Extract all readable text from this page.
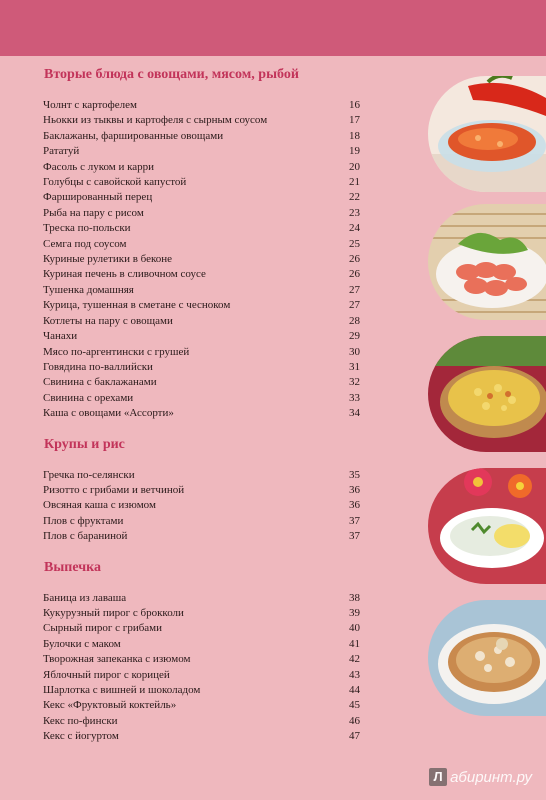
Вторые блюда с овощами, мясом, рыбой
Чолнт с картофелем	16
Ньокки из тыквы и картофеля с сырным соусом	17
Баклажаны, фаршированные овощами	18
Рататуй	19
Фасоль с луком и карри	20
Голубцы с савойской капустой	21
Фаршированный перец	22
Рыба на пару с рисом	23
Треска по-польски	24
Семга под соусом	25
Куриные рулетики в беконе	26
Куриная печень в сливочном соусе	26
Тушенка домашняя	27
Курица, тушенная в сметане с чесноком	27
Котлеты на пару с овощами	28
Чанахи	29
Мясо по-аргентински с грушей	30
Говядина по-валлийски	31
Свинина с баклажанами	32
Свинина с орехами	33
Каша с овощами «Ассорти»	34
Крупы и рис
Гречка по-селянски	35
Ризотто с грибами и ветчиной	36
Овсяная каша с изюмом	36
Плов с фруктами	37
Плов с бараниной	37
Выпечка
Баница из лаваша	38
Кукурузный пирог с брокколи	39
Сырный пирог с грибами	40
Булочки с маком	41
Творожная запеканка с изюмом	42
Яблочный пирог с корицей	43
Шарлотка с вишней и шоколадом	44
Кекс «Фруктовый коктейль»	45
Кекс по-фински	46
Кекс с йогуртом	47
Л абиринт.ру
